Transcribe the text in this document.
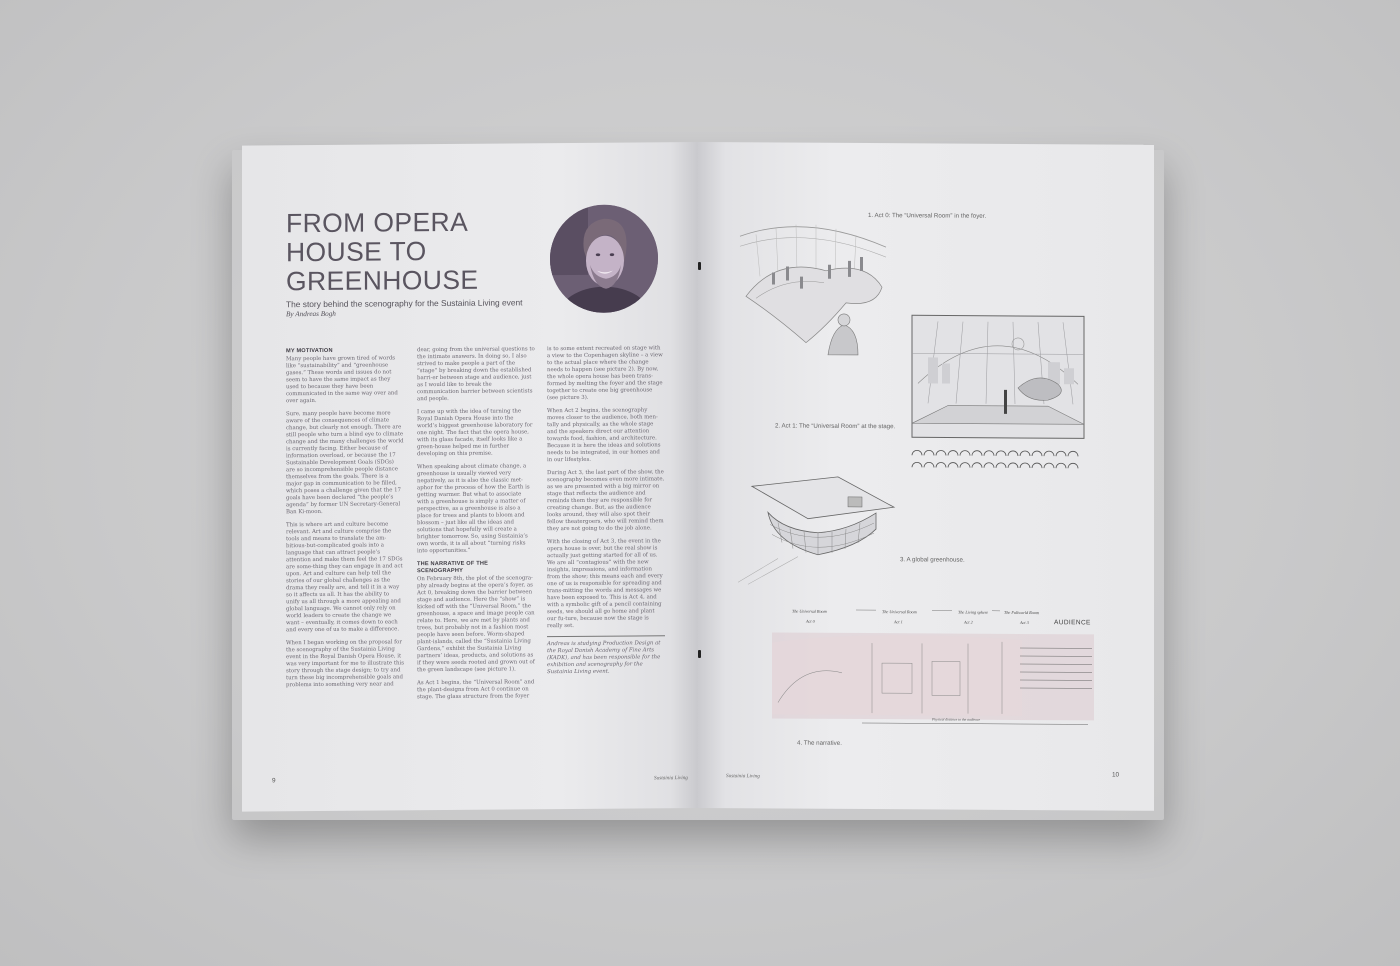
FROM OPERA HOUSE TO GREENHOUSE
The story behind the scenography for the Sustainia Living event
By Andreas Bogh
MY MOTIVATION

Many people have grown tired of words like “sustainability” and “greenhouse gases.” These words and issues do not seem to have the same impact as they used to because they have been communicated in the same way over and over again.

Sure, many people have become more aware of the consequences of climate change, but clearly not enough. There are still people who turn a blind eye to climate change and the many challenges the world is currently facing. Either because of information overload, or because the 17 Sustainable Development Goals (SDGs) are so incomprehensible people distance themselves from the goals. There is a major gap in communication to be filled, which poses a challenge given that the 17 goals have been declared “the people’s agenda” by former UN Secretary-General Ban Ki-moon.

This is where art and culture become relevant. Art and culture comprise the tools and means to translate the am-bitious-but-complicated goals into a language that can attract people’s attention and make them feel the 17 SDGs are some-thing they can engage in and act upon. Art and culture can help tell the stories of our global challenges as the drama they really are, and tell it in a way so it affects us all. It has the ability to unify us all through a more appealing and global language. We cannot only rely on world leaders to create the change we want – eventually, it comes down to each and every one of us to make a difference.

When I began working on the proposal for the scenography of the Sustainia Living event in the Royal Danish Opera House, it was very important for me to illustrate this story through the stage design; to try and turn these big incomprehensible goals and problems into something very near and

dear, going from the universal questions to the intimate answers. In doing so, I also strived to make people a part of the “stage” by breaking down the established barri-er between stage and audience, just as I would like to break the communication barrier between scientists and people.

I came up with the idea of turning the Royal Danish Opera House into the world’s biggest greenhouse laboratory for one night. The fact that the opera house, with its glass facade, itself looks like a green-house helped me in further developing on this premise.

When speaking about climate change, a greenhouse is usually viewed very negatively, as it is also the classic met-aphor for the process of how the Earth is getting warmer. But what to associate with a greenhouse is simply a matter of perspective, as a greenhouse is also a place for trees and plants to bloom and blossom – just like all the ideas and solutions that hopefully will create a brighter tomorrow. So, using Sustainia’s own words, it is all about “turning risks into opportunities.”

THE NARRATIVE OF THE SCENOGRAPHY

On February 8th, the plot of the scenogra-phy already begins at the opera’s foyer, as Act 0, breaking down the barrier between stage and audience. Here the “show” is kicked off with the “Universal Room,” the greenhouse, a space and image people can relate to. Here, we are met by plants and trees, but probably not in a fashion most people have seen before. Worm-shaped plant-islands, called the “Sustainia Living Gardens,” exhibit the Sustainia Living partners’ ideas, products, and solutions as if they were seeds rooted and grown out of the green landscape (see picture 1).

As Act 1 begins, the “Universal Room” and the plant-designs from Act 0 continue on stage. The glass structure from the foyer

is to some extent recreated on stage with a view to the Copenhagen skyline – a view to the actual place where the change needs to happen (see picture 2). By now, the whole opera house has been trans-formed by melting the foyer and the stage together to create one big greenhouse (see picture 3).

When Act 2 begins, the scenography moves closer to the audience, both men-tally and physically, as the whole stage and the speakers direct our attention towards food, fashion, and architecture. Because it is here the ideas and solutions needs to be integrated, in our homes and in our lifestyles.

During Act 3, the last part of the show, the scenography becomes even more intimate, as we are presented with a big mirror on stage that reflects the audience and reminds them they are responsible for creating change. But, as the audience looks around, they will also spot their fellow theatergoers, who will remind them they are not going to do the job alone.

With the closing of Act 3, the event in the opera house is over, but the real show is actually just getting started for all of us. We are all “contagious” with the new insights, impressions, and information from the show; this means each and every one of us is responsible for spreading and trans-mitting the words and messages we have been exposed to. This is Act 4, and with a symbolic gift of a pencil containing seeds, we should all go home and plant our fu-ture, because now the stage is really set.

Andreas is studying Production Design at the Royal Danish Academy of Fine Arts (KADK), and has been responsible for the exhibition and scenography for the Sustainia Living event.

9	Sustainia Living
1. Act 0: The “Universal Room” in the foyer.
2. Act 1: The “Universal Room” at the stage.
3. A global greenhouse.
Physical distance to the audience
AUDIENCE
The Universal Room	The Universal Room	The Living sphere	The Fullworld Room
Act 0	Act 1	Act 2	Act 3
4. The narrative.
Sustainia Living	10
